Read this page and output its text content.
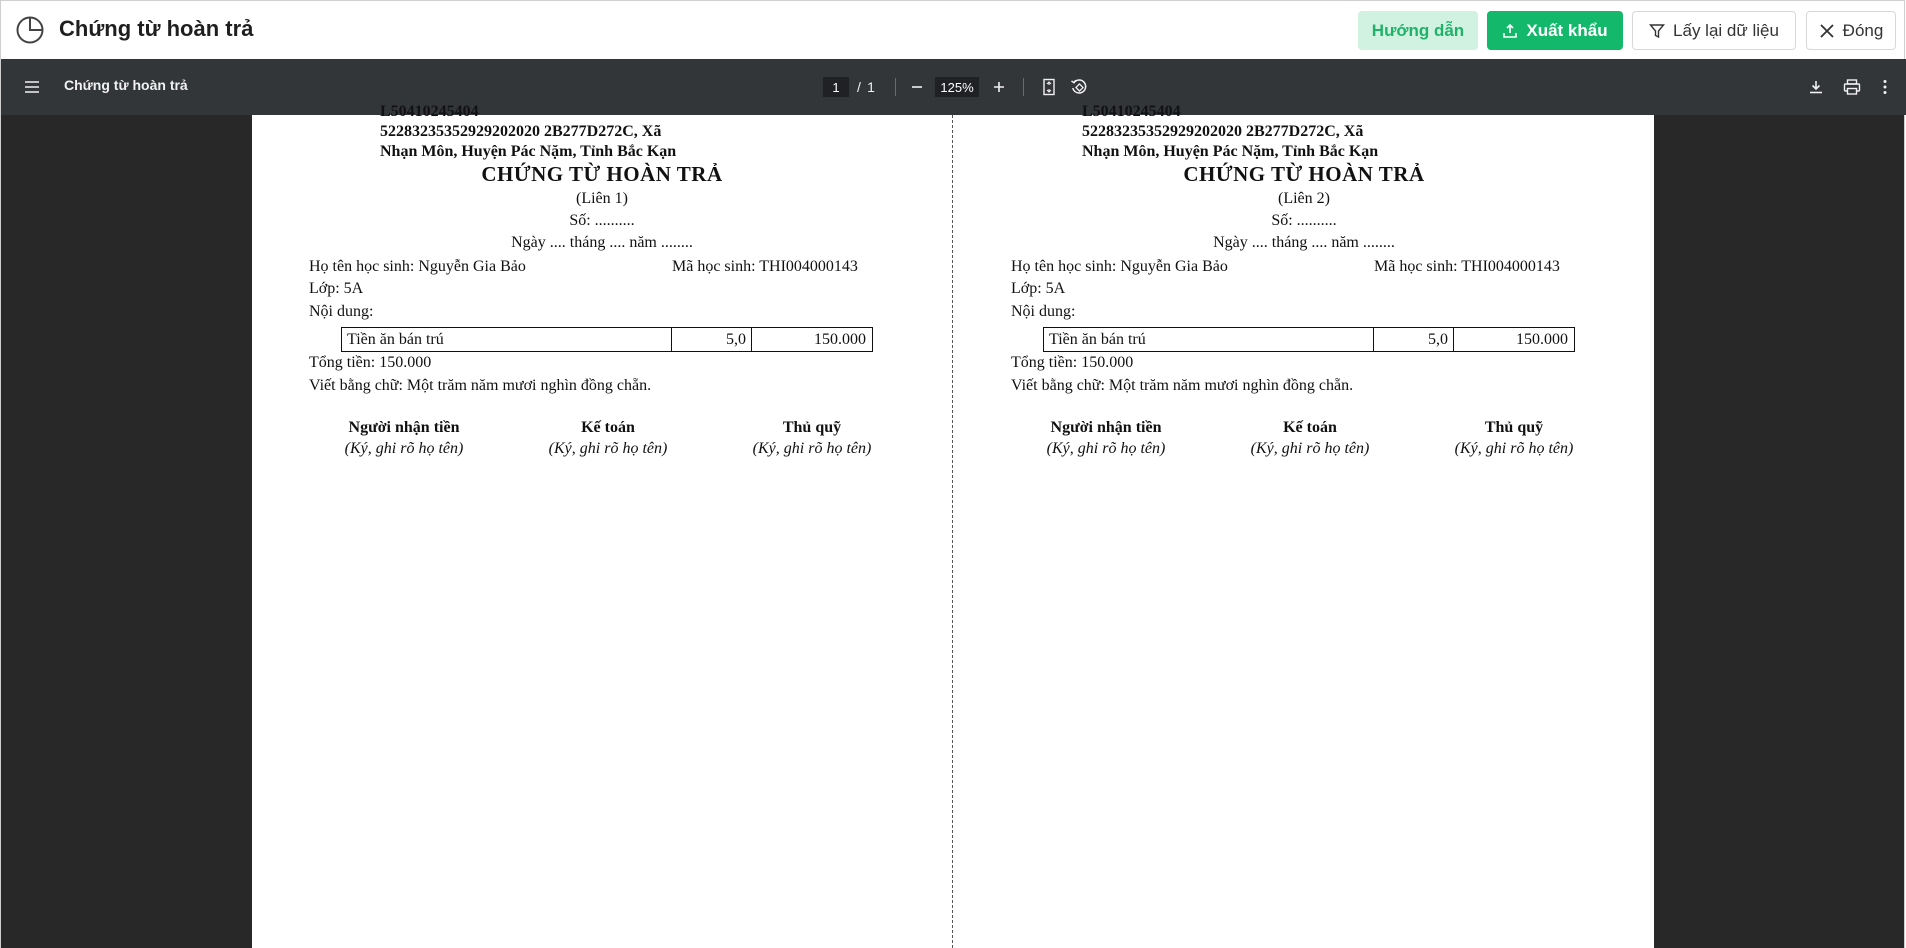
Chứng từ hoàn trả	Hướng dẫn	Xuất khẩu	Lấy lại dữ liệu	Đóng
Chứng từ hoàn trả	1	/ 1	125%
L50410245404
52283235352929202020 2B277D272C, Xã
Nhạn Môn, Huyện Pác Nặm, Tỉnh Bắc Kạn
CHỨNG TỪ HOÀN TRẢ
(Liên 1)
Số: ..........
Ngày .... tháng .... năm ........
Họ tên học sinh: Nguyễn Gia Bảo	Mã học sinh: THI004000143
Lớp: 5A
Nội dung:
Tiền ăn bán trú	5,0	150.000
Tổng tiền: 150.000
Viết bằng chữ: Một trăm năm mươi nghìn đồng chẵn.
Người nhận tiền
(Ký, ghi rõ họ tên)
Kế toán
(Ký, ghi rõ họ tên)
Thủ quỹ
(Ký, ghi rõ họ tên)
L50410245404
52283235352929202020 2B277D272C, Xã
Nhạn Môn, Huyện Pác Nặm, Tỉnh Bắc Kạn
CHỨNG TỪ HOÀN TRẢ
(Liên 2)
Số: ..........
Ngày .... tháng .... năm ........
Họ tên học sinh: Nguyễn Gia Bảo	Mã học sinh: THI004000143
Lớp: 5A
Nội dung:
Tiền ăn bán trú	5,0	150.000
Tổng tiền: 150.000
Viết bằng chữ: Một trăm năm mươi nghìn đồng chẵn.
Người nhận tiền
(Ký, ghi rõ họ tên)
Kế toán
(Ký, ghi rõ họ tên)
Thủ quỹ
(Ký, ghi rõ họ tên)
